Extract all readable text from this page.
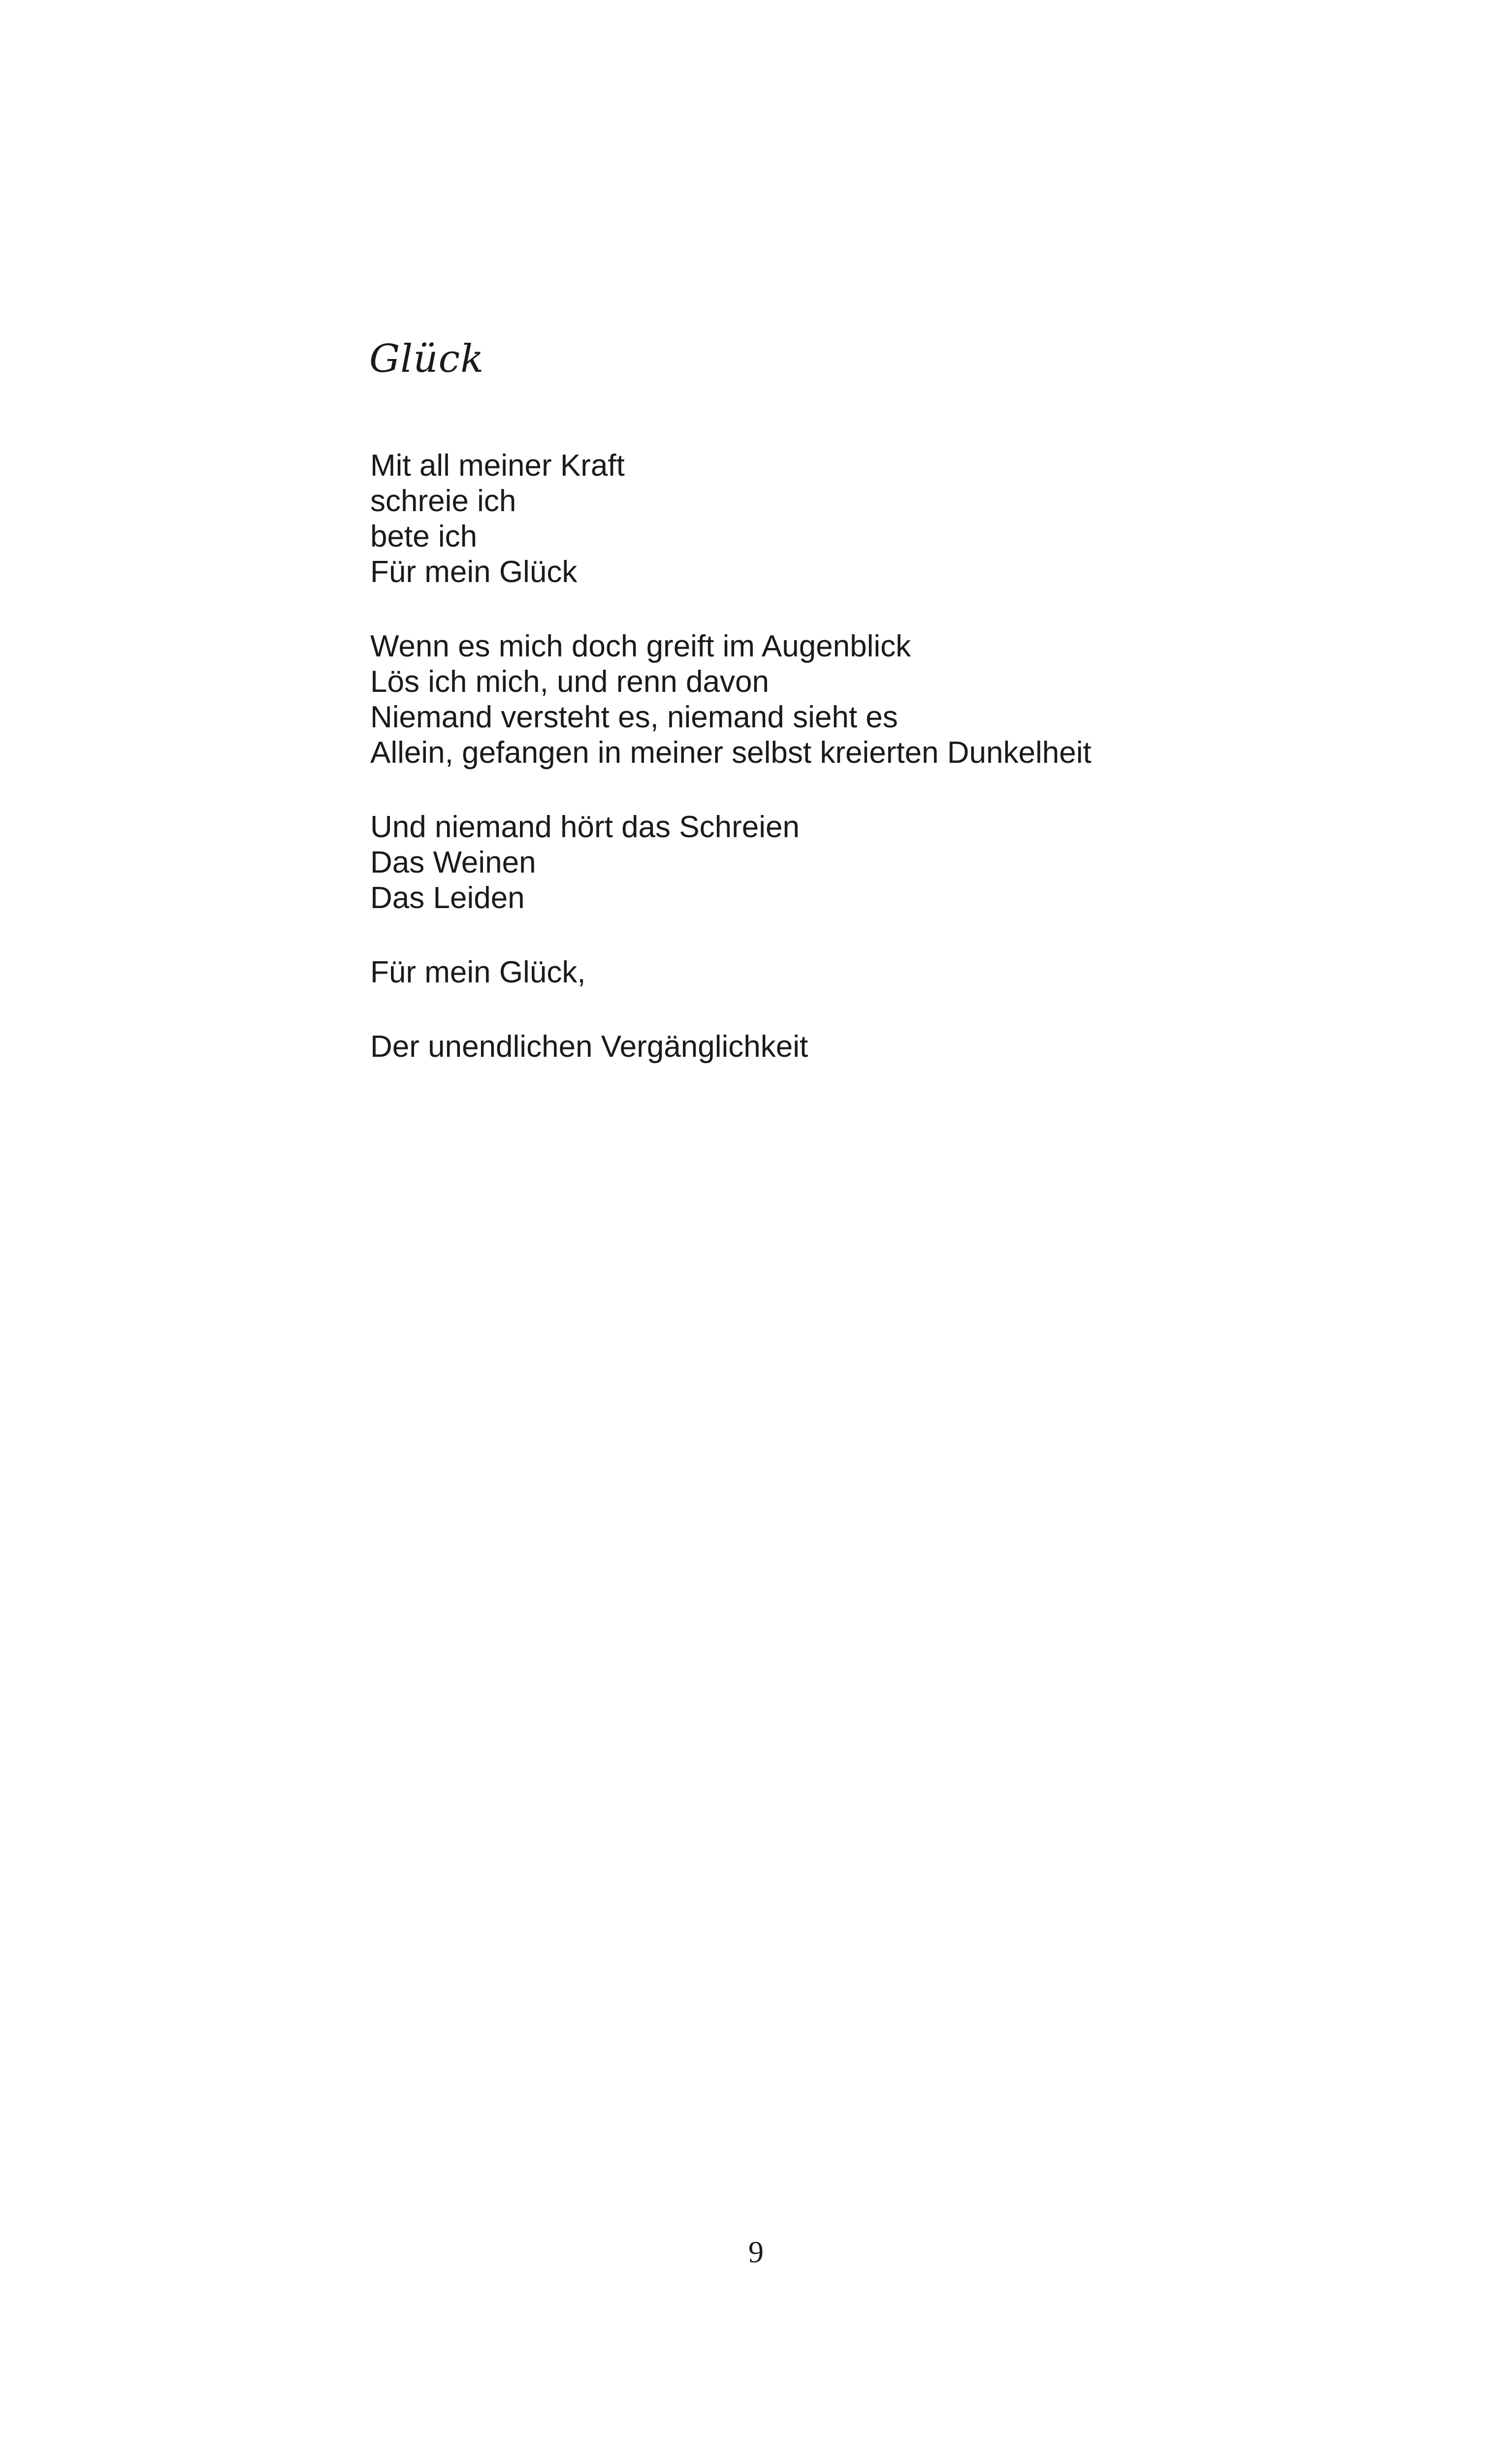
Glück
Mit all meiner Kraft
schreie ich
bete ich
Für mein Glück
Wenn es mich doch greift im Augenblick
Lös ich mich, und renn davon
Niemand versteht es, niemand sieht es
Allein, gefangen in meiner selbst kreierten Dunkelheit
Und niemand hört das Schreien
Das Weinen
Das Leiden
Für mein Glück,
Der unendlichen Vergänglichkeit
9
